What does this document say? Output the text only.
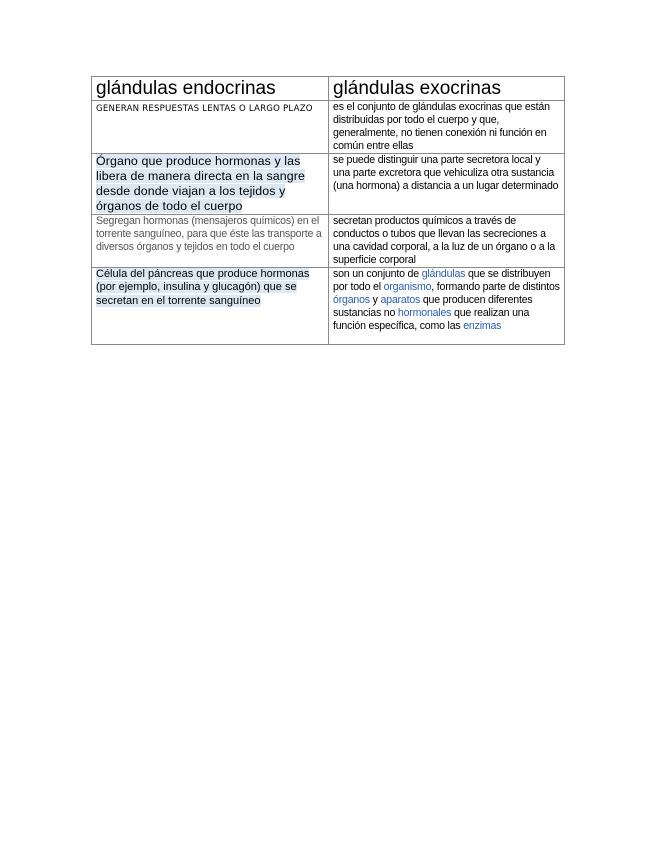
glándulas endocrinas	glándulas exocrinas

GENERAN RESPUESTAS LENTAS O LARGO PLAZO	es el conjunto de glándulas exocrinas que están distribuidas por todo el cuerpo y que, generalmente, no tienen conexión ni función en común entre ellas

Órgano que produce hormonas y las libera de manera directa en la sangre desde donde viajan a los tejidos y órganos de todo el cuerpo	se puede distinguir una parte secretora local y una parte excretora que vehiculiza otra sustancia (una hormona) a distancia a un lugar determinado

Segregan hormonas (mensajeros químicos) en el torrente sanguíneo, para que éste las transporte a diversos órganos y tejidos en todo el cuerpo	secretan productos químicos a través de conductos o tubos que llevan las secreciones a una cavidad corporal, a la luz de un órgano o a la superficie corporal

Célula del páncreas que produce hormonas (por ejemplo, insulina y glucagón) que se secretan en el torrente sanguíneo	son un conjunto de glándulas que se distribuyen por todo el organismo, formando parte de distintos órganos y aparatos que producen diferentes sustancias no hormonales que realizan una función específica, como las enzimas
